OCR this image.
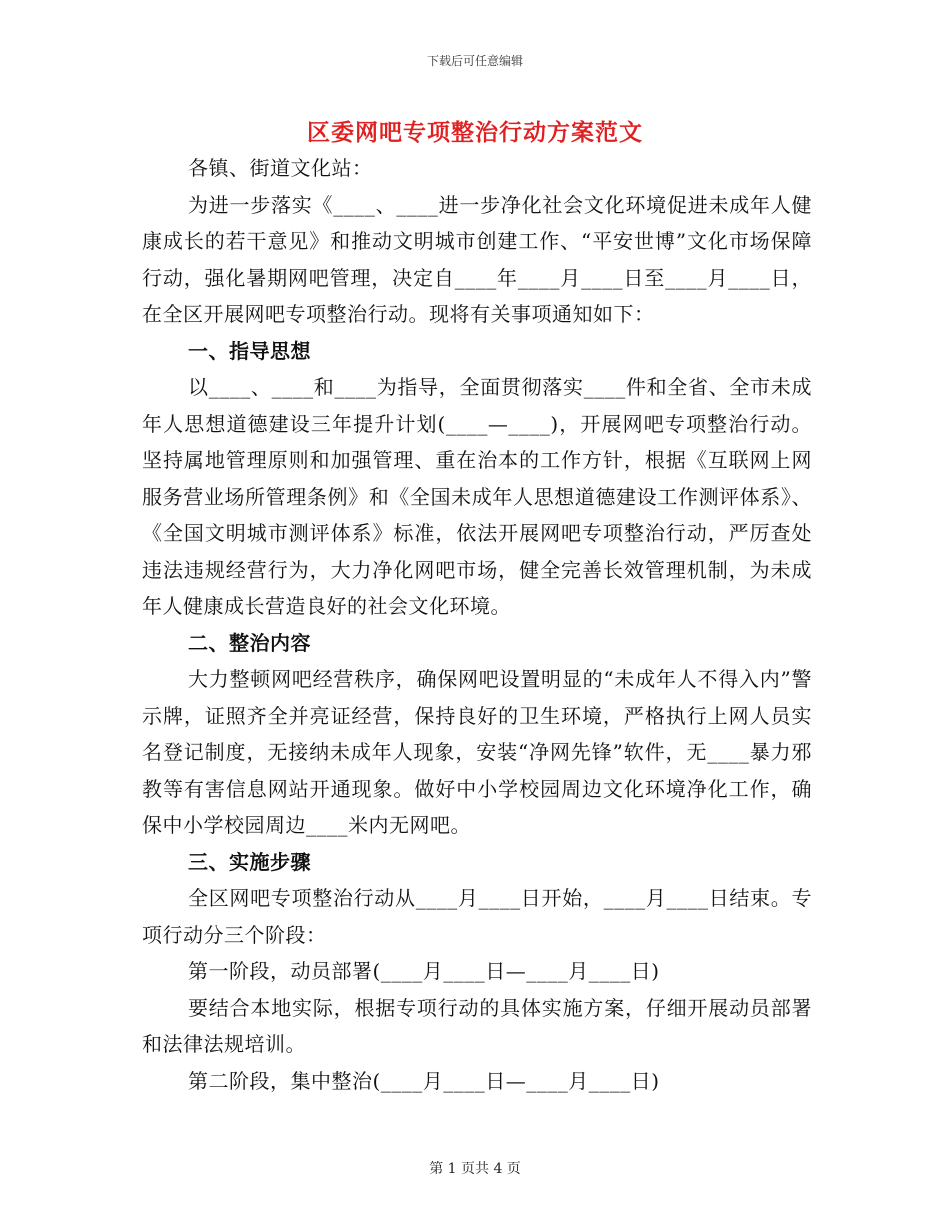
下载后可任意编辑
区委网吧专项整治行动方案范文

各镇、街道文化站：

为进一步落实《____、____进一步净化社会文化环境促进未成年人健康成长的若干意见》和推动文明城市创建工作、“平安世博”文化市场保障行动，强化暑期网吧管理，决定自____年____月____日至____月____日，在全区开展网吧专项整治行动。现将有关事项通知如下：

一、指导思想

以____、____和____为指导，全面贯彻落实____件和全省、全市未成年人思想道德建设三年提升计划(____—____)，开展网吧专项整治行动。坚持属地管理原则和加强管理、重在治本的工作方针，根据《互联网上网服务营业场所管理条例》和《全国未成年人思想道德建设工作测评体系》、《全国文明城市测评体系》标准，依法开展网吧专项整治行动，严厉查处违法违规经营行为，大力净化网吧市场，健全完善长效管理机制，为未成年人健康成长营造良好的社会文化环境。

二、整治内容

大力整顿网吧经营秩序，确保网吧设置明显的“未成年人不得入内”警示牌，证照齐全并亮证经营，保持良好的卫生环境，严格执行上网人员实名登记制度，无接纳未成年人现象，安装“净网先锋”软件，无____暴力邪教等有害信息网站开通现象。做好中小学校园周边文化环境净化工作，确保中小学校园周边____米内无网吧。

三、实施步骤

全区网吧专项整治行动从____月____日开始，____月____日结束。专项行动分三个阶段：

第一阶段，动员部署(____月____日—____月____日)

要结合本地实际，根据专项行动的具体实施方案，仔细开展动员部署和法律法规培训。

第二阶段，集中整治(____月____日—____月____日)

第 1 页共 4 页
